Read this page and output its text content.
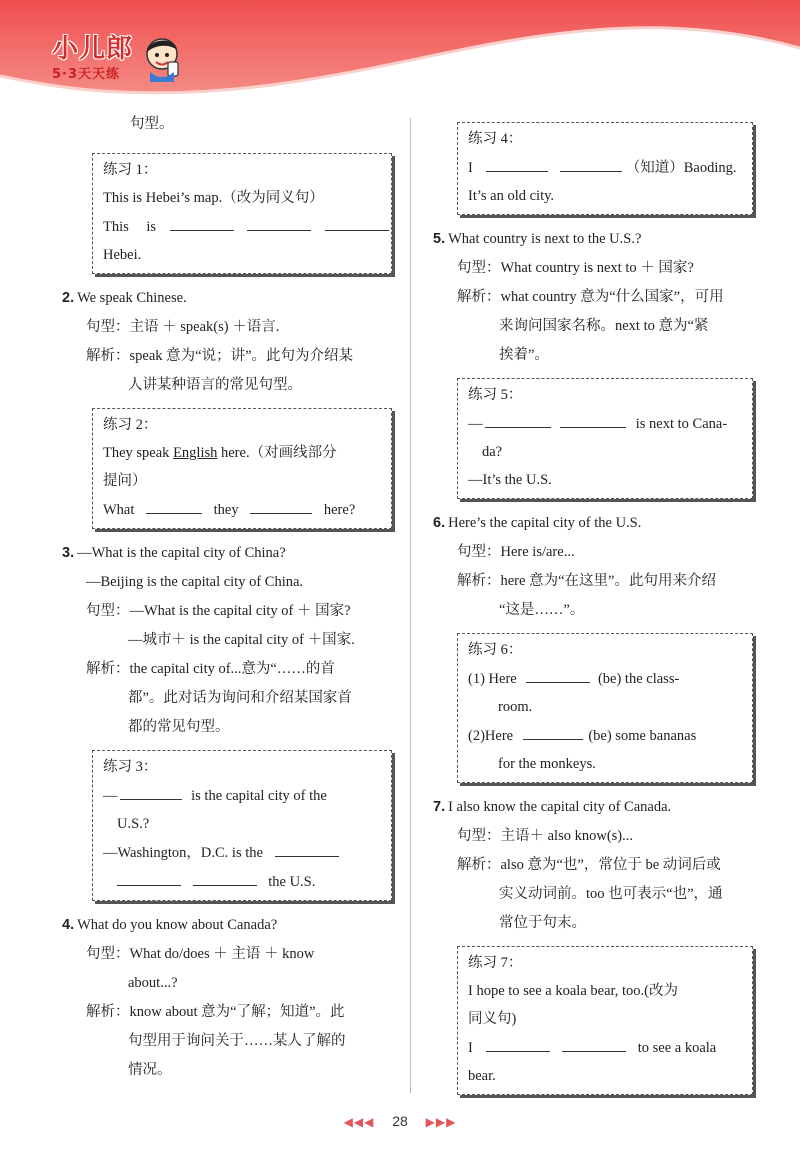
小儿郎
5·3天天练
句型。
练习 1：
This is Hebei’s map.（改为同义句）
This is
Hebei.
2. We speak Chinese.
句型：主语 ＋ speak(s) ＋语言.
解析：speak 意为“说；讲”。此句为介绍某
人讲某种语言的常见句型。
练习 2：
They speak English here.（对画线部分
提问）
What	they	here?
3. —What is the capital city of China?
—Beijing is the capital city of China.
句型：—What is the capital city of ＋ 国家?
—城市＋ is the capital city of ＋国家.
解析：the capital city of...意为“……的首
都”。此对话为询问和介绍某国家首
都的常见句型。
练习 3：
—	is the capital city of the
U.S.?
—Washington，D.C. is the
the U.S.
4. What do you know about Canada?
句型：What do/does ＋ 主语 ＋ know
about...?
解析：know about 意为“了解；知道”。此
句型用于询问关于……某人了解的
情况。
练习 4：
I	（知道）Baoding.
It’s an old city.
5. What country is next to the U.S.?
句型：What country is next to ＋ 国家?
解析：what country 意为“什么国家”，可用
来询问国家名称。next to 意为“紧
挨着”。
练习 5：
—	is next to Cana-
da?
—It’s the U.S.
6. Here’s the capital city of the U.S.
句型：Here is/are...
解析：here 意为“在这里”。此句用来介绍
“这是……”。
练习 6：
(1) Here	(be) the class-
room.
(2)Here	(be) some bananas
for the monkeys.
7. I also know the capital city of Canada.
句型：主语＋ also know(s)...
解析：also 意为“也”，常位于 be 动词后或
实义动词前。too 也可表示“也”，通
常位于句末。
练习 7：
I hope to see a koala bear, too.(改为
同义句)
I	to see a koala
bear.
◀◀◀ 28 ▶▶▶
